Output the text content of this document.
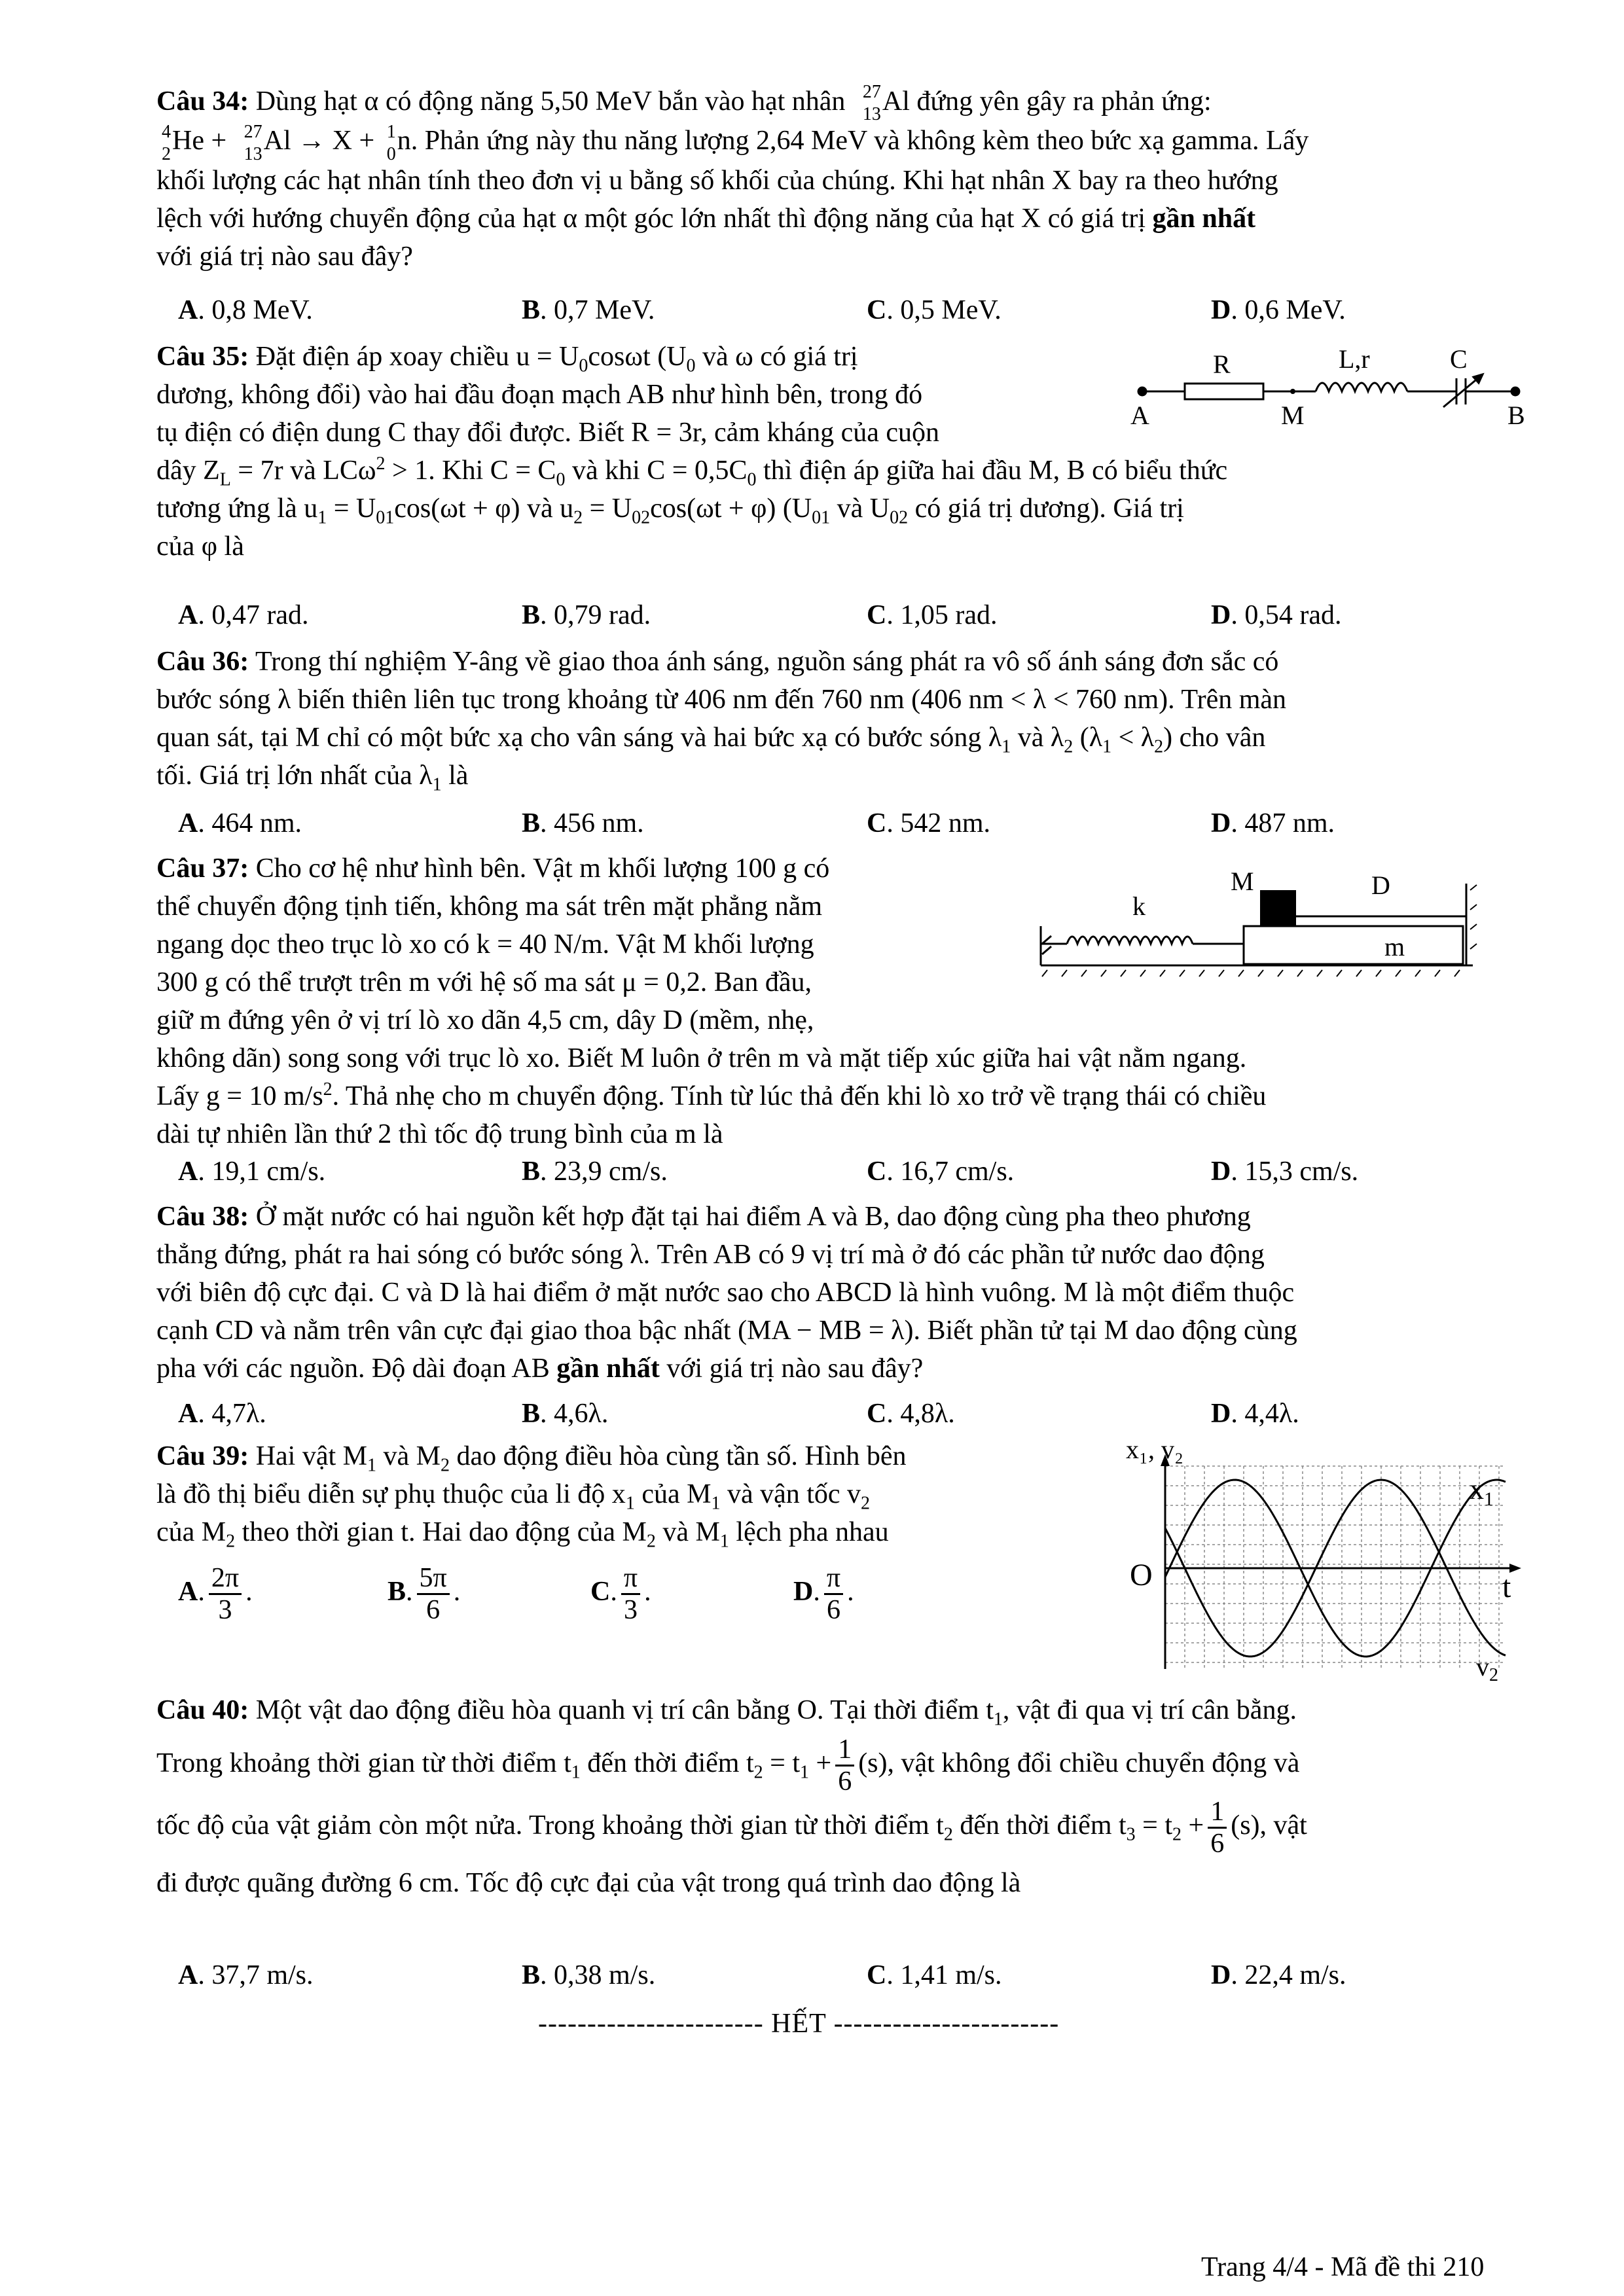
Câu 34: Dùng hạt α có động năng 5,50 MeV bắn vào hạt nhân 27
13 Al đứng yên gây ra phản ứng:

4
2 He + 27
13 Al → X + 1
0 n. Phản ứng này thu năng lượng 2,64 MeV và không kèm theo bức xạ gamma. Lấy
khối lượng các hạt nhân tính theo đơn vị u bằng số khối của chúng. Khi hạt nhân X bay ra theo hướng
lệch với hướng chuyển động của hạt α một góc lớn nhất thì động năng của hạt X có giá trị gần nhất
với giá trị nào sau đây?
A. 0,8 MeV.	B. 0,7 MeV.	C. 0,5 MeV.	D. 0,6 MeV.
Câu 35: Đặt điện áp xoay chiều $u = U_0\cos\omega t$ ($U_0$ và ω có giá trị
dương, không đổi) vào hai đầu đoạn mạch AB như hình bên, trong đó
tụ điện có điện dung C thay đổi được. Biết R = 3r, cảm kháng của cuộn
dây $Z_L = 7r$ và LCω$^2$ > 1. Khi $C = C_0$ và khi $C = 0,5C_0$ thì điện áp giữa hai đầu M, B có biểu thức
tương ứng là $u_1 = U_{01}\cos(\omega t + \varphi)$ và $u_2 = U_{02}\cos(\omega t + \varphi)$ ($U_{01}$ và $U_{02}$ có giá trị dương). Giá trị
của φ là
R	L,r	C
A	M	B
A. 0,47 rad.	B. 0,79 rad.	C. 1,05 rad.	D. 0,54 rad.
Câu 36: Trong thí nghiệm Y-âng về giao thoa ánh sáng, nguồn sáng phát ra vô số ánh sáng đơn sắc có
bước sóng λ biến thiên liên tục trong khoảng từ 406 nm đến 760 nm (406 nm < λ < 760 nm). Trên màn
quan sát, tại M chỉ có một bức xạ cho vân sáng và hai bức xạ có bước sóng $\lambda_1$ và $\lambda_2$ $(\lambda_1 < \lambda_2)$ cho vân
tối. Giá trị lớn nhất của $\lambda_1$ là
A. 464 nm.	B. 456 nm.	C. 542 nm.	D. 487 nm.
Câu 37: Cho cơ hệ như hình bên. Vật m khối lượng 100 g có
thể chuyển động tịnh tiến, không ma sát trên mặt phẳng nằm
ngang dọc theo trục lò xo có k = 40 N/m. Vật M khối lượng
300 g có thể trượt trên m với hệ số ma sát μ = 0,2. Ban đầu,
giữ m đứng yên ở vị trí lò xo dãn 4,5 cm, dây D (mềm, nhẹ,
không dãn) song song với trục lò xo. Biết M luôn ở trên m và mặt tiếp xúc giữa hai vật nằm ngang.
Lấy g = 10 $m/s^2$. Thả nhẹ cho m chuyển động. Tính từ lúc thả đến khi lò xo trở về trạng thái có chiều
dài tự nhiên lần thứ 2 thì tốc độ trung bình của m là
k
M	D
m
A. 19,1 cm/s.	B. 23,9 cm/s.	C. 16,7 cm/s.	D. 15,3 cm/s.
Câu 38: Ở mặt nước có hai nguồn kết hợp đặt tại hai điểm A và B, dao động cùng pha theo phương
thẳng đứng, phát ra hai sóng có bước sóng λ. Trên AB có 9 vị trí mà ở đó các phần tử nước dao động
với biên độ cực đại. C và D là hai điểm ở mặt nước sao cho ABCD là hình vuông. M là một điểm thuộc
cạnh CD và nằm trên vân cực đại giao thoa bậc nhất (MA − MB = λ). Biết phần tử tại M dao động cùng
pha với các nguồn. Độ dài đoạn AB gần nhất với giá trị nào sau đây?
A. 4,7λ.	B. 4,6λ.	C. 4,8λ.	D. 4,4λ.
Câu 39: Hai vật $M_1$ và $M_2$ dao động điều hòa cùng tần số. Hình bên
là đồ thị biểu diễn sự phụ thuộc của li độ $x_1$ của $M_1$ và vận tốc $v_2$
của $M_2$ theo thời gian t. Hai dao động của $M_2$ và $M_1$ lệch pha nhau
A. $\frac{2\pi}{3}$ .	B. $\frac{5\pi}{6}$ .	C. $\frac{\pi}{3}$ .	D. $\frac{\pi}{6}$ .
x₁, v₂
$x_1$
$v_2$
O	t
Câu 40: Một vật dao động điều hòa quanh vị trí cân bằng O. Tại thời điểm $t_1$, vật đi qua vị trí cân bằng.
Trong khoảng thời gian từ thời điểm $t_1$ đến thời điểm $t_2 = t_1 + \frac{1}{6} (s)$, vật không đổi chiều chuyển động và
tốc độ của vật giảm còn một nửa. Trong khoảng thời gian từ thời điểm $t_2$ đến thời điểm $t_3 = t_2 + \frac{1}{6} (s)$, vật
đi được quãng đường 6 cm. Tốc độ cực đại của vật trong quá trình dao động là
A. 37,7 m/s.	B. 0,38 m/s.	C. 1,41 m/s.	D. 22,4 m/s.
----------------------- HẾT -----------------------
Trang 4/4 - Mã đề thi 210
